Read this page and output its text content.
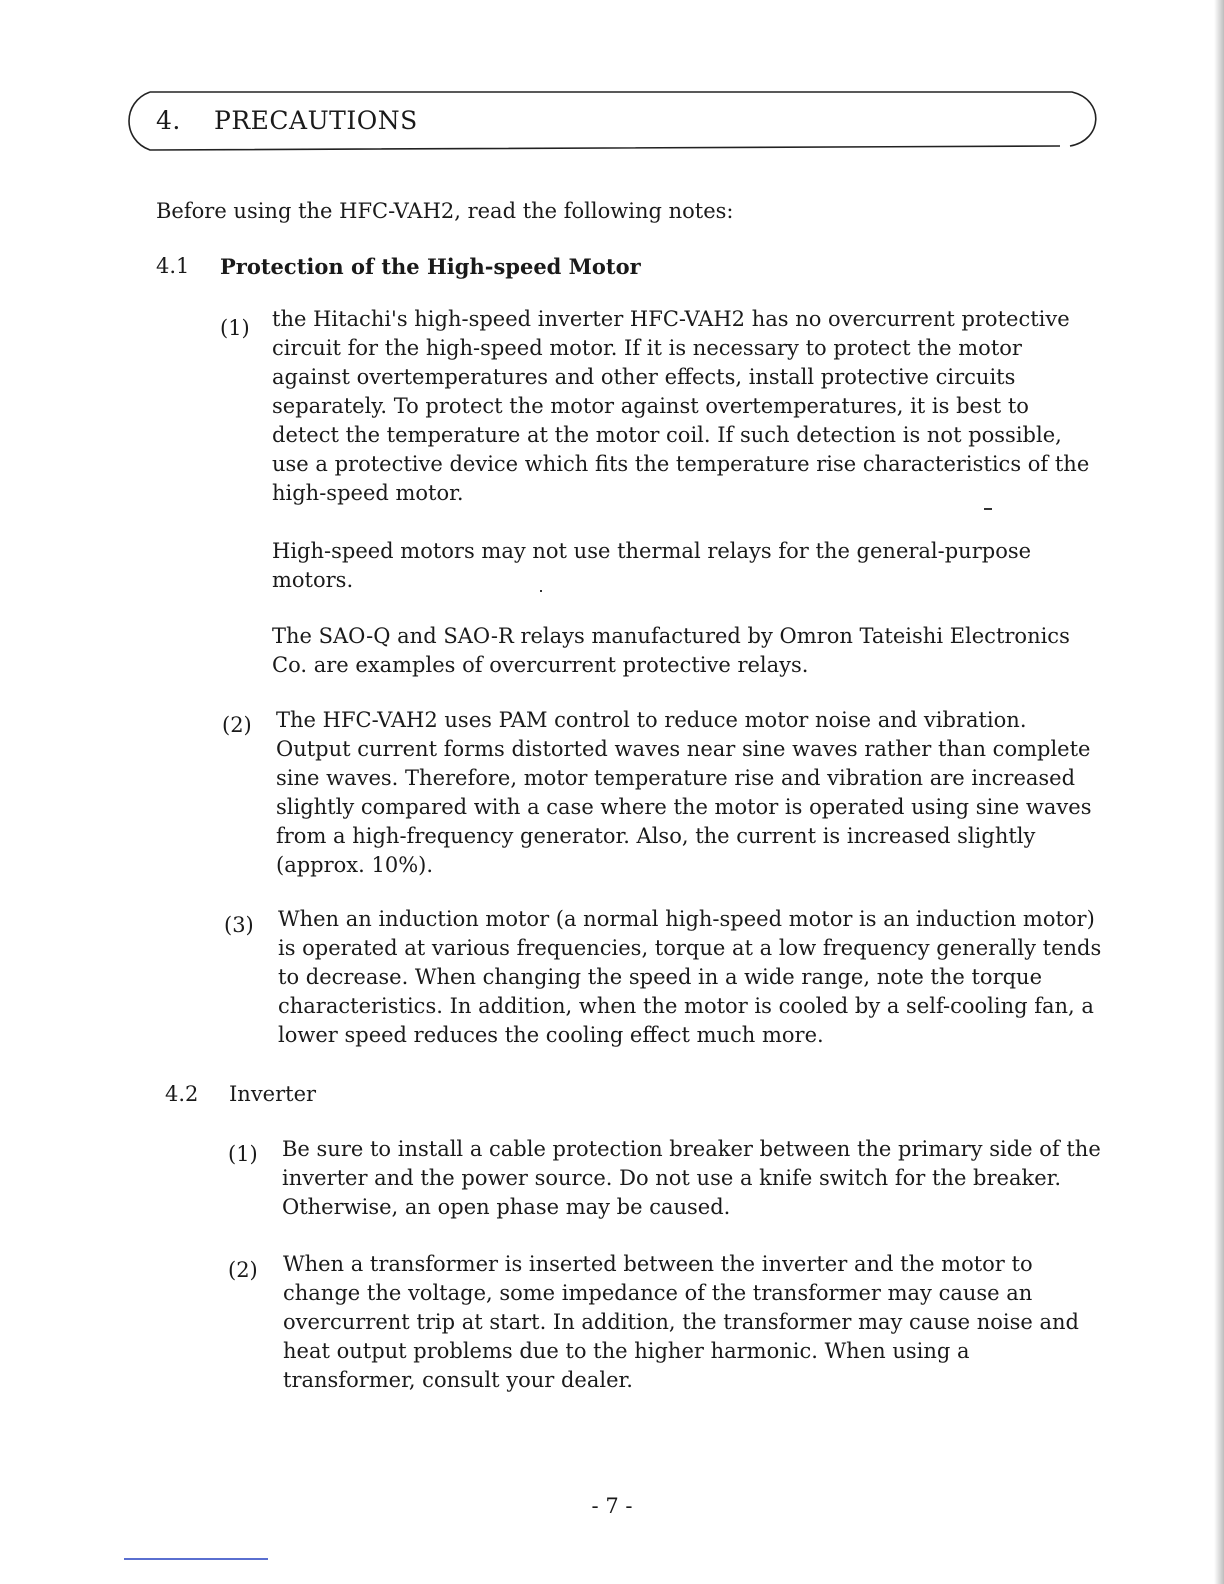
4. PRECAUTIONS

Before using the HFC-VAH2, read the following notes:

4.1 Protection of the High-speed Motor
(1) the Hitachi's high-speed inverter HFC-VAH2 has no overcurrent protective circuit for the high-speed motor. If it is necessary to protect the motor against overtemperatures and other effects, install protective circuits separately. To protect the motor against overtemperatures, it is best to detect the temperature at the motor coil. If such detection is not possible, use a protective device which fits the temperature rise characteristics of the high-speed motor.

High-speed motors may not use thermal relays for the general-purpose motors.

The SAO-Q and SAO-R relays manufactured by Omron Tateishi Electronics Co. are examples of overcurrent protective relays.

(2) The HFC-VAH2 uses PAM control to reduce motor noise and vibration. Output current forms distorted waves near sine waves rather than complete sine waves. Therefore, motor temperature rise and vibration are increased slightly compared with a case where the motor is operated using sine waves from a high-frequency generator. Also, the current is increased slightly (approx. 10%).

(3) When an induction motor (a normal high-speed motor is an induction motor) is operated at various frequencies, torque at a low frequency generally tends to decrease. When changing the speed in a wide range, note the torque characteristics. In addition, when the motor is cooled by a self-cooling fan, a lower speed reduces the cooling effect much more.

4.2 Inverter
(1) Be sure to install a cable protection breaker between the primary side of the inverter and the power source. Do not use a knife switch for the breaker. Otherwise, an open phase may be caused.

(2) When a transformer is inserted between the inverter and the motor to change the voltage, some impedance of the transformer may cause an overcurrent trip at start. In addition, the transformer may cause noise and heat output problems due to the higher harmonic. When using a transformer, consult your dealer.

- 7 -
